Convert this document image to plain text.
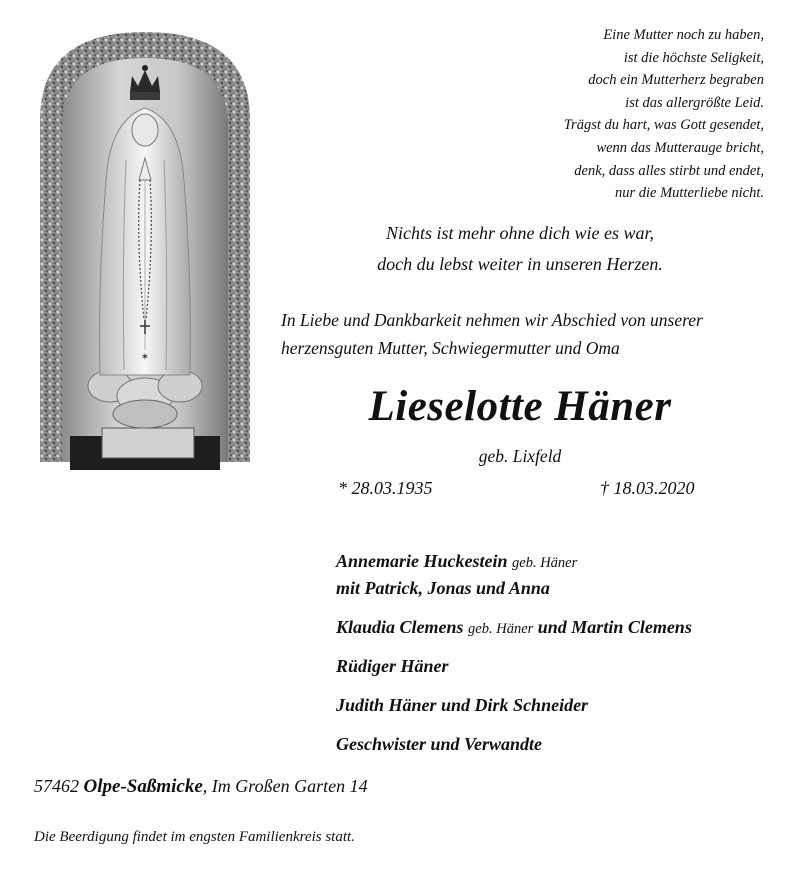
✶
Eine Mutter noch zu haben,
ist die höchste Seligkeit,
doch ein Mutterherz begraben
ist das allergrößte Leid.
Trägst du hart, was Gott gesendet,
wenn das Mutterauge bricht,
denk, dass alles stirbt und endet,
nur die Mutterliebe nicht.
Nichts ist mehr ohne dich wie es war,
doch du lebst weiter in unseren Herzen.
In Liebe und Dankbarkeit nehmen wir Abschied von unserer
herzensguten Mutter, Schwiegermutter und Oma
Lieselotte Häner
geb. Lixfeld
* 28.03.1935	† 18.03.2020
Annemarie Huckestein geb. Häner
mit Patrick, Jonas und Anna
Klaudia Clemens geb. Häner und Martin Clemens
Rüdiger Häner
Judith Häner und Dirk Schneider
Geschwister und Verwandte
57462 Olpe-Saßmicke, Im Großen Garten 14
Die Beerdigung findet im engsten Familienkreis statt.
